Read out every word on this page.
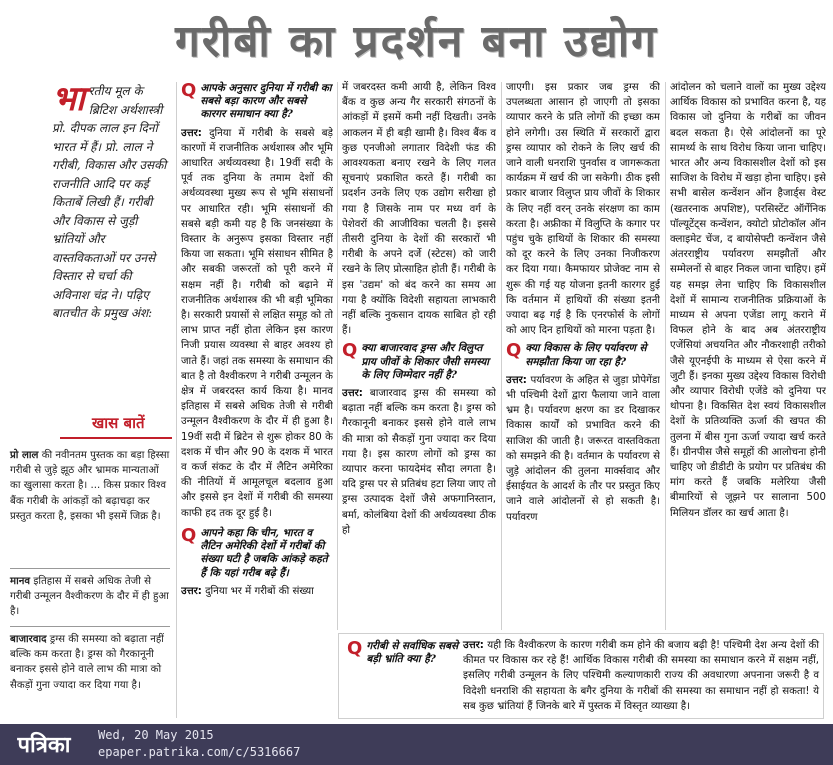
गरीबी का प्रदर्शन बना उद्योग
भारतीय मूल के ब्रिटिश अर्थशास्त्री प्रो. दीपक लाल इन दिनों भारत में हैं। प्रो. लाल ने गरीबी, विकास और उसकी राजनीति आदि पर कई किताबें लिखी हैं। गरीबी और विकास से जुड़ी भ्रांतियों और वास्तविकताओं पर उनसे विस्तार से चर्चा की अविनाश चंद्र ने। पढ़िए बातचीत के प्रमुख अंश:
खास बातें
प्रो लाल की नवीनतम पुस्तक का बड़ा हिस्सा गरीबी से जुड़े झूठ और भ्रामक मान्यताओं का खुलासा करता है। ... किस प्रकार विश्व बैंक गरीबी के आंकड़ों को बढ़ाचढ़ा कर प्रस्तुत करता है, इसका भी इसमें जिक्र है।
मानव इतिहास में सबसे अधिक तेजी से गरीबी उन्मूलन वैश्वीकरण के दौर में ही हुआ है।
बाजारवाद ड्रग्स की समस्या को बढ़ाता नहीं बल्कि कम करता है। ड्रग्स को गैरकानूनी बनाकर इससे होने वाले लाभ की मात्रा को सैकड़ों गुना ज्यादा कर दिया गया है।
Q आपके अनुसार दुनिया में गरीबी का सबसे बड़ा कारण और सबसे कारगर समाधान क्या है?
उत्तर: दुनिया में गरीबी के सबसे बड़े कारणों में राजनीतिक अर्थशास्त्र और भूमि आधारित अर्थव्यवस्था है। 19वीं सदी के पूर्व तक दुनिया के तमाम देशों की अर्थव्यवस्था मुख्य रूप से भूमि संसाधनों पर आधारित रही। भूमि संसाधनों की सबसे बड़ी कमी यह है कि जनसंख्या के विस्तार के अनुरूप इसका विस्तार नहीं किया जा सकता। भूमि संसाधन सीमित है और सबकी जरूरतों को पूरी करने में सक्षम नहीं है। गरीबी को बढ़ाने में राजनीतिक अर्थशास्त्र की भी बड़ी भूमिका है। सरकारी प्रयासों से लक्षित समूह को तो लाभ प्राप्त नहीं होता लेकिन इस कारण निजी प्रयास व्यवस्था से बाहर अवश्य हो जाते हैं। जहां तक समस्या के समाधान की बात है तो वैश्वीकरण ने गरीबी उन्मूलन के क्षेत्र में जबरदस्त कार्य किया है। मानव इतिहास में सबसे अधिक तेजी से गरीबी उन्मूलन वैश्वीकरण के दौर में ही हुआ है। 19वीं सदी में ब्रिटेन से शुरू होकर 80 के दशक में चीन और 90 के दशक में भारत व कर्ज संकट के दौर में लैटिन अमेरिका की नीतियों में आमूलचूल बदलाव हुआ और इससे इन देशों में गरीबी की समस्या काफी हद तक दूर हुई है।
Q आपने कहा कि चीन, भारत व लैटिन अमेरिकी देशों में गरीबों की संख्या घटी है जबकि आंकड़े कहते हैं कि यहां गरीब बढ़े हैं।
उत्तर: दुनिया भर में गरीबों की संख्या
में जबरदस्त कमी आयी है, लेकिन विश्व बैंक व कुछ अन्य गैर सरकारी संगठनों के आंकड़ों में इसमें कमी नहीं दिखती। उनके आकलन में ही बड़ी खामी है। विश्व बैंक व कुछ एनजीओ लगातार विदेशी फंड की आवश्यकता बनाए रखने के लिए गलत सूचनाएं प्रकाशित करते हैं। गरीबी का प्रदर्शन उनके लिए एक उद्योग सरीखा हो गया है जिसके नाम पर मध्य वर्ग के पेशेवरों की आजीविका चलती है। इससे तीसरी दुनिया के देशों की सरकारों भी गरीबी के अपने दर्जे (स्टेटस) को जारी रखने के लिए प्रोत्साहित होती हैं। गरीबी के इस 'उद्यम' को बंद करने का समय आ गया है क्योंकि विदेशी सहायता लाभकारी नहीं बल्कि नुकसान दायक साबित हो रही हैं।
Q क्या बाजारवाद ड्रग्स और विलुप्त प्राय जीवों के शिकार जैसी समस्या के लिए जिम्मेदार नहीं है?
उत्तर: बाजारवाद ड्रग्स की समस्या को बढ़ाता नहीं बल्कि कम करता है। ड्रग्स को गैरकानूनी बनाकर इससे होने वाले लाभ की मात्रा को सैकड़ों गुना ज्यादा कर दिया गया है। इस कारण लोगों को ड्रग्स का व्यापार करना फायदेमंद सौदा लगता है। यदि ड्रग्स पर से प्रतिबंध हटा लिया जाए तो ड्रग्स उत्पादक देशों जैसे अफगानिस्तान, बर्मा, कोलंबिया देशों की अर्थव्यवस्था ठीक हो
जाएगी। इस प्रकार जब ड्रग्स की उपलब्धता आसान हो जाएगी तो इसका व्यापार करने के प्रति लोगों की इच्छा कम होने लगेगी। उस स्थिति में सरकारों द्वारा ड्रग्स व्यापार को रोकने के लिए खर्च की जाने वाली धनराशि पुनर्वास व जागरूकता कार्यक्रम में खर्च की जा सकेगी। ठीक इसी प्रकार बाजार विलुप्त प्राय जीवों के शिकार के लिए नहीं वरन् उनके संरक्षण का काम करता है। अफ्रीका में विलुप्ति के कगार पर पहुंच चुके हाथियों के शिकार की समस्या को दूर करने के लिए उनका निजीकरण कर दिया गया। कैमफायर प्रोजेक्ट नाम से शुरू की गई यह योजना इतनी कारगर हुई कि वर्तमान में हाथियों की संख्या इतनी ज्यादा बढ़ गई है कि एनरफोर्स के लोगों को आए दिन हाथियों को मारना पड़ता है।
Q क्या विकास के लिए पर्यावरण से समझौता किया जा रहा है?
उत्तर: पर्यावरण के अहित से जुड़ा प्रोपेगेंडा भी पश्चिमी देशों द्वारा फैलाया जाने वाला भ्रम है। पर्यावरण क्षरण का डर दिखाकर विकास कार्यों को प्रभावित करने की साजिश की जाती है। जरूरत वास्तविकता को समझने की है। वर्तमान के पर्यावरण से जुड़े आंदोलन की तुलना मार्क्सवाद और ईसाईयत के आदर्श के तौर पर प्रस्तुत किए जाने वाले आंदोलनों से हो सकती है। पर्यावरण
आंदोलन को चलाने वालों का मुख्य उद्देश्य आर्थिक विकास को प्रभावित करना है, यह विकास जो दुनिया के गरीबों का जीवन बदल सकता है। ऐसे आंदोलनों का पूरे सामर्थ्य के साथ विरोध किया जाना चाहिए। भारत और अन्य विकासशील देशों को इस साजिश के विरोध में खड़ा होना चाहिए। इसे सभी बासेल कन्वेंशन ऑन हैजार्ड्स वेस्ट (खतरनाक अपशिष्ट), परसिस्टेंट ऑर्गेनिक पॉल्यूटेंट्स कन्वेंशन, क्योटो प्रोटोकॉल ऑन क्लाइमेट चेंज, द बायोसेफ्टी कन्वेंशन जैसे अंतरराष्ट्रीय पर्यावरण समझौतों और सम्मेलनों से बाहर निकल जाना चाहिए। हमें यह समझ लेना चाहिए कि विकासशील देशों में सामान्य राजनीतिक प्रक्रियाओं के माध्यम से अपना एजेंडा लागू कराने में विफल होने के बाद अब अंतरराष्ट्रीय एजेंसियां अचयनित और नौकरशाही तरीको जैसे यूएनईपी के माध्यम से ऐसा करने में जुटी हैं। इनका मुख्य उद्देश्य विकास विरोधी और व्यापार विरोधी एजेंडे को दुनिया पर थोपना है। विकसित देश स्वयं विकासशील देशों के प्रतिव्यक्ति ऊर्जा की खपत की तुलना में बीस गुना ऊर्जा ज्यादा खर्च करते हैं। ग्रीनपीस जैसे समूहों की आलोचना होनी चाहिए जो डीडीटी के प्रयोग पर प्रतिबंध की मांग करते हैं जबकि मलेरिया जैसी बीमारियों से जूझने पर सालाना 500 मिलियन डॉलर का खर्च आता है।
Q गरीबी से सर्वाधिक सबसे बड़ी भ्रांति क्या है?
उत्तर: यही कि वैश्वीकरण के कारण गरीबी कम होने की बजाय बढ़ी है! पश्चिमी देश अन्य देशों की कीमत पर विकास कर रहे हैं! आर्थिक विकास गरीबी की समस्या का समाधान करने में सक्षम नहीं, इसलिए गरीबी उन्मूलन के लिए पश्चिमी कल्याणकारी राज्य की अवधारणा अपनाना जरूरी है व विदेशी धनराशि की सहायता के बगैर दुनिया के गरीबों की समस्या का समाधान नहीं हो सकता! ये सब कुछ भ्रांतियां हैं जिनके बारे में पुस्तक में विस्तृत व्याख्या है।
पत्रिका	Wed, 20 May 2015
epaper.patrika.com/c/5316667
